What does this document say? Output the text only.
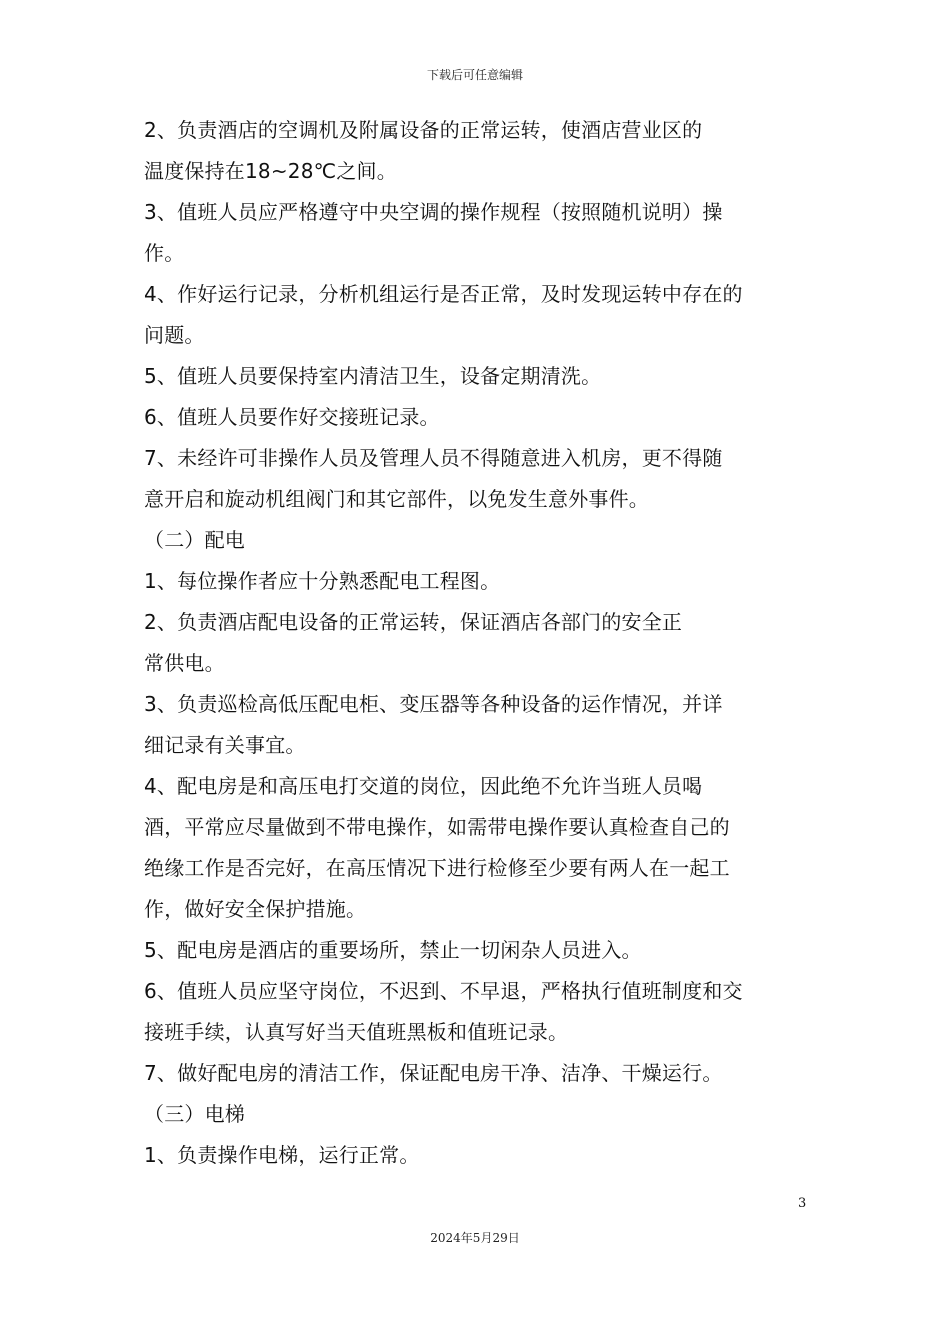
下载后可任意编辑
2、负责酒店的空调机及附属设备的正常运转，使酒店营业区的
温度保持在18~28℃之间。
3、值班人员应严格遵守中央空调的操作规程（按照随机说明）操
作。
4、作好运行记录，分析机组运行是否正常，及时发现运转中存在的
问题。
5、值班人员要保持室内清洁卫生，设备定期清洗。
6、值班人员要作好交接班记录。
7、未经许可非操作人员及管理人员不得随意进入机房，更不得随
意开启和旋动机组阀门和其它部件，以免发生意外事件。
（二）配电
1、每位操作者应十分熟悉配电工程图。
2、负责酒店配电设备的正常运转，保证酒店各部门的安全正
常供电。
3、负责巡检高低压配电柜、变压器等各种设备的运作情况，并详
细记录有关事宜。
4、配电房是和高压电打交道的岗位，因此绝不允许当班人员喝
酒，平常应尽量做到不带电操作，如需带电操作要认真检查自己的
绝缘工作是否完好，在高压情况下进行检修至少要有两人在一起工
作，做好安全保护措施。
5、配电房是酒店的重要场所，禁止一切闲杂人员进入。
6、值班人员应坚守岗位，不迟到、不早退，严格执行值班制度和交
接班手续，认真写好当天值班黑板和值班记录。
7、做好配电房的清洁工作，保证配电房干净、洁净、干燥运行。
（三）电梯
1、负责操作电梯，运行正常。
3
2024年5月29日
